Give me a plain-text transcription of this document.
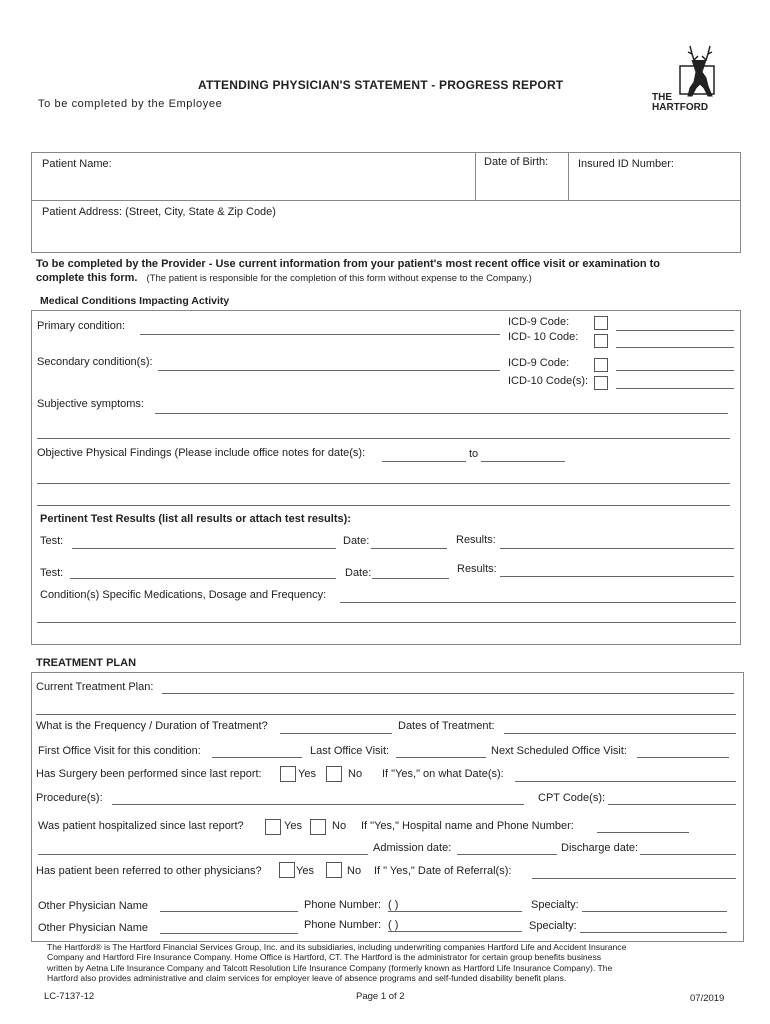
ATTENDING PHYSICIAN'S STATEMENT - PROGRESS REPORT
To be completed by the Employee
THE
HARTFORD
Patient Name:	Date of Birth:	Insured ID Number:
Patient Address: (Street, City, State & Zip Code)
To be completed by the Provider - Use current information from your patient's most recent office visit or examination to
complete this form. (The patient is responsible for the completion of this form without expense to the Company.)
Medical Conditions Impacting Activity
Primary condition:	ICD-9 Code:
ICD- 10 Code:
Secondary condition(s):	ICD-9 Code:
ICD-10 Code(s):
Subjective symptoms:
Objective Physical Findings (Please include office notes for date(s):	to
Pertinent Test Results (list all results or attach test results):
Test:	Date:	Results:
Test:	Date:	Results:
Condition(s) Specific Medications, Dosage and Frequency:
TREATMENT PLAN
Current Treatment Plan:
What is the Frequency / Duration of Treatment?	Dates of Treatment:
First Office Visit for this condition:	Last Office Visit:	Next Scheduled Office Visit:
Has Surgery been performed since last report:	Yes	No If "Yes," on what Date(s):
Procedure(s):	CPT Code(s):
Was patient hospitalized since last report?	Yes	No If "Yes," Hospital name and Phone Number:
Admission date:	Discharge date:
Has patient been referred to other physicians?	Yes	No If " Yes," Date of Referral(s):
Other Physician Name	Phone Number: ( )	Specialty:
Other Physician Name	Phone Number: ( )	Specialty:
The Hartford® is The Hartford Financial Services Group, Inc. and its subsidiaries, including underwriting companies Hartford Life and Accident Insurance
Company and Hartford Fire Insurance Company. Home Office is Hartford, CT. The Hartford is the administrator for certain group benefits business
written by Aetna Life Insurance Company and Talcott Resolution Life Insurance Company (formerly known as Hartford Life Insurance Company). The
Hartford also provides administrative and claim services for employer leave of absence programs and self-funded disability benefit plans.
LC-7137-12	Page 1 of 2	07/2019
